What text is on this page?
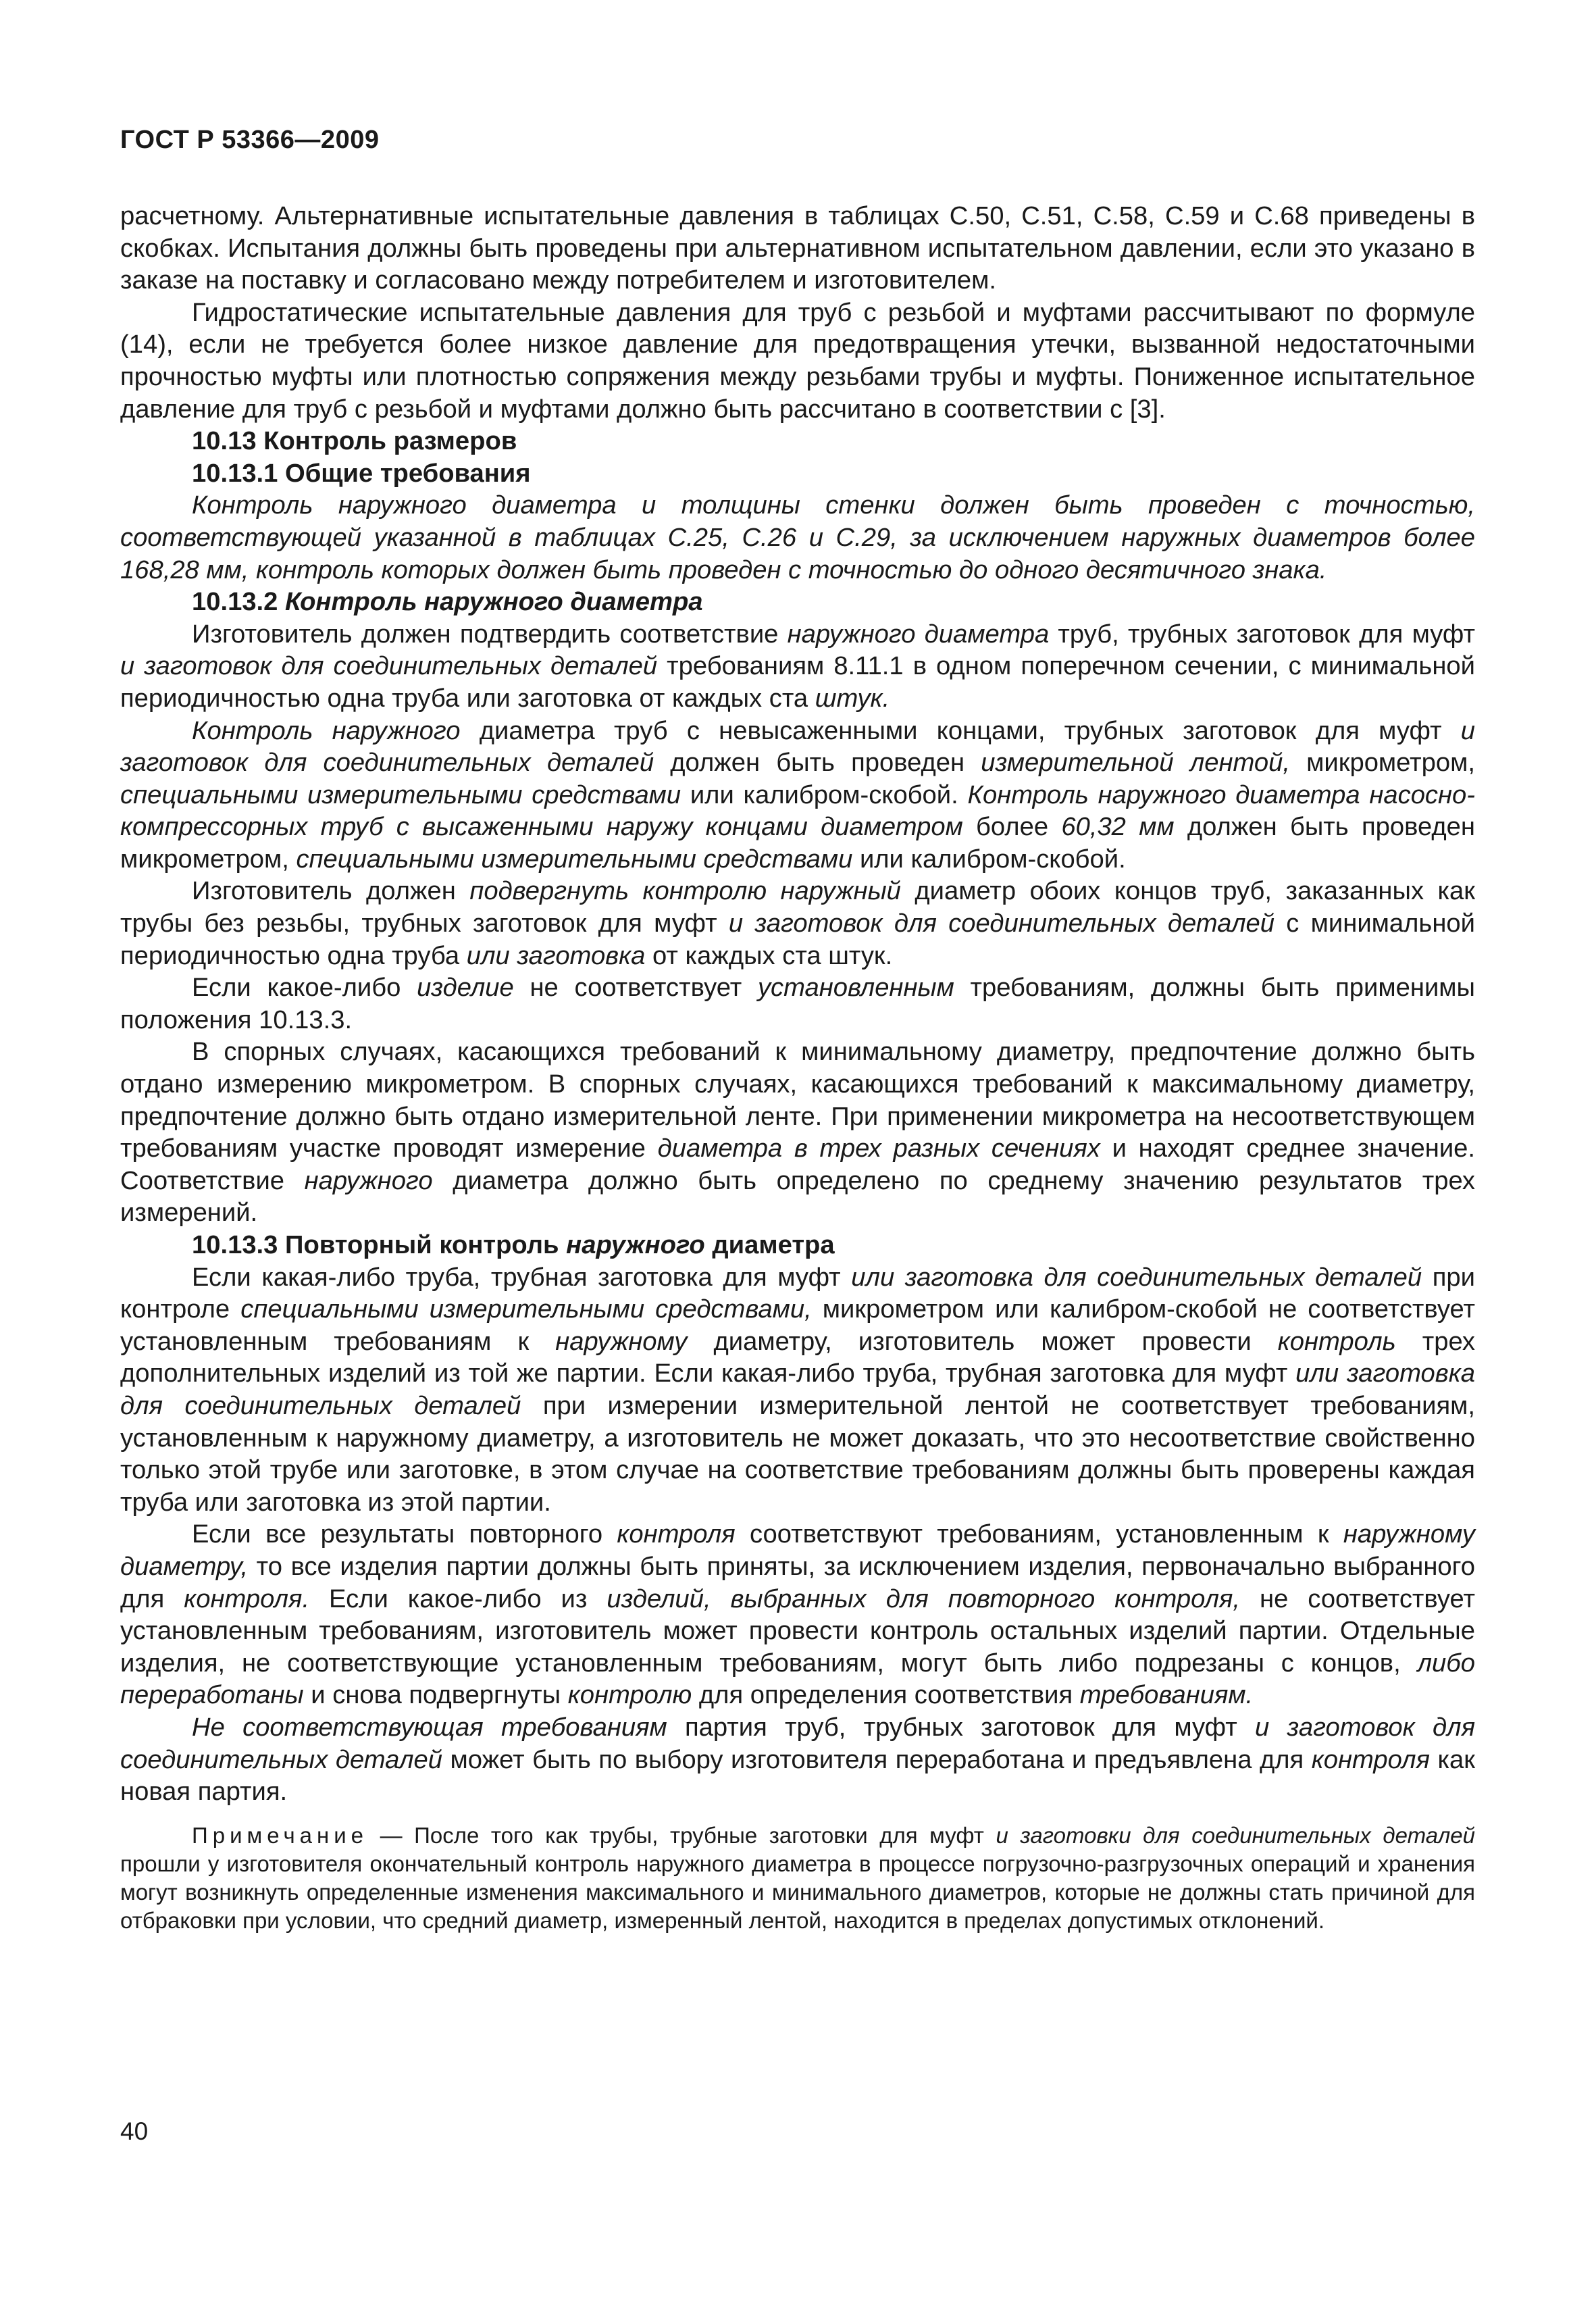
ГОСТ Р 53366—2009

расчетному. Альтернативные испытательные давления в таблицах С.50, С.51, С.58, С.59 и С.68 приведены в скобках. Испытания должны быть проведены при альтернативном испытательном давлении, если это указано в заказе на поставку и согласовано между потребителем и изготовителем.

Гидростатические испытательные давления для труб с резьбой и муфтами рассчитывают по формуле (14), если не требуется более низкое давление для предотвращения утечки, вызванной недостаточными прочностью муфты или плотностью сопряжения между резьбами трубы и муфты. Пониженное испытательное давление для труб с резьбой и муфтами должно быть рассчитано в соответствии с [3].

10.13 Контроль размеров

10.13.1 Общие требования

Контроль наружного диаметра и толщины стенки должен быть проведен с точностью, соответствующей указанной в таблицах С.25, С.26 и С.29, за исключением наружных диаметров более 168,28 мм, контроль которых должен быть проведен с точностью до одного десятичного знака.

10.13.2 Контроль наружного диаметра

Изготовитель должен подтвердить соответствие наружного диаметра труб, трубных заготовок для муфт и заготовок для соединительных деталей требованиям 8.11.1 в одном поперечном сечении, с минимальной периодичностью одна труба или заготовка от каждых ста штук.

Контроль наружного диаметра труб с невысаженными концами, трубных заготовок для муфт и заготовок для соединительных деталей должен быть проведен измерительной лентой, микрометром, специальными измерительными средствами или калибром-скобой. Контроль наружного диаметра насосно-компрессорных труб с высаженными наружу концами диаметром более 60,32 мм должен быть проведен микрометром, специальными измерительными средствами или калибром-скобой.

Изготовитель должен подвергнуть контролю наружный диаметр обоих концов труб, заказанных как трубы без резьбы, трубных заготовок для муфт и заготовок для соединительных деталей с минимальной периодичностью одна труба или заготовка от каждых ста штук.

Если какое-либо изделие не соответствует установленным требованиям, должны быть применимы положения 10.13.3.

В спорных случаях, касающихся требований к минимальному диаметру, предпочтение должно быть отдано измерению микрометром. В спорных случаях, касающихся требований к максимальному диаметру, предпочтение должно быть отдано измерительной ленте. При применении микрометра на несоответствующем требованиям участке проводят измерение диаметра в трех разных сечениях и находят среднее значение. Соответствие наружного диаметра должно быть определено по среднему значению результатов трех измерений.

10.13.3 Повторный контроль наружного диаметра

Если какая-либо труба, трубная заготовка для муфт или заготовка для соединительных деталей при контроле специальными измерительными средствами, микрометром или калибром-скобой не соответствует установленным требованиям к наружному диаметру, изготовитель может провести контроль трех дополнительных изделий из той же партии. Если какая-либо труба, трубная заготовка для муфт или заготовка для соединительных деталей при измерении измерительной лентой не соответствует требованиям, установленным к наружному диаметру, а изготовитель не может доказать, что это несоответствие свойственно только этой трубе или заготовке, в этом случае на соответствие требованиям должны быть проверены каждая труба или заготовка из этой партии.

Если все результаты повторного контроля соответствуют требованиям, установленным к наружному диаметру, то все изделия партии должны быть приняты, за исключением изделия, первоначально выбранного для контроля. Если какое-либо из изделий, выбранных для повторного контроля, не соответствует установленным требованиям, изготовитель может провести контроль остальных изделий партии. Отдельные изделия, не соответствующие установленным требованиям, могут быть либо подрезаны с концов, либо переработаны и снова подвергнуты контролю для определения соответствия требованиям.

Не соответствующая требованиям партия труб, трубных заготовок для муфт и заготовок для соединительных деталей может быть по выбору изготовителя переработана и предъявлена для контроля как новая партия.

Примечание — После того как трубы, трубные заготовки для муфт и заготовки для соединительных деталей прошли у изготовителя окончательный контроль наружного диаметра в процессе погрузочно-разгрузочных операций и хранения могут возникнуть определенные изменения максимального и минимального диаметров, которые не должны стать причиной для отбраковки при условии, что средний диаметр, измеренный лентой, находится в пределах допустимых отклонений.

40
